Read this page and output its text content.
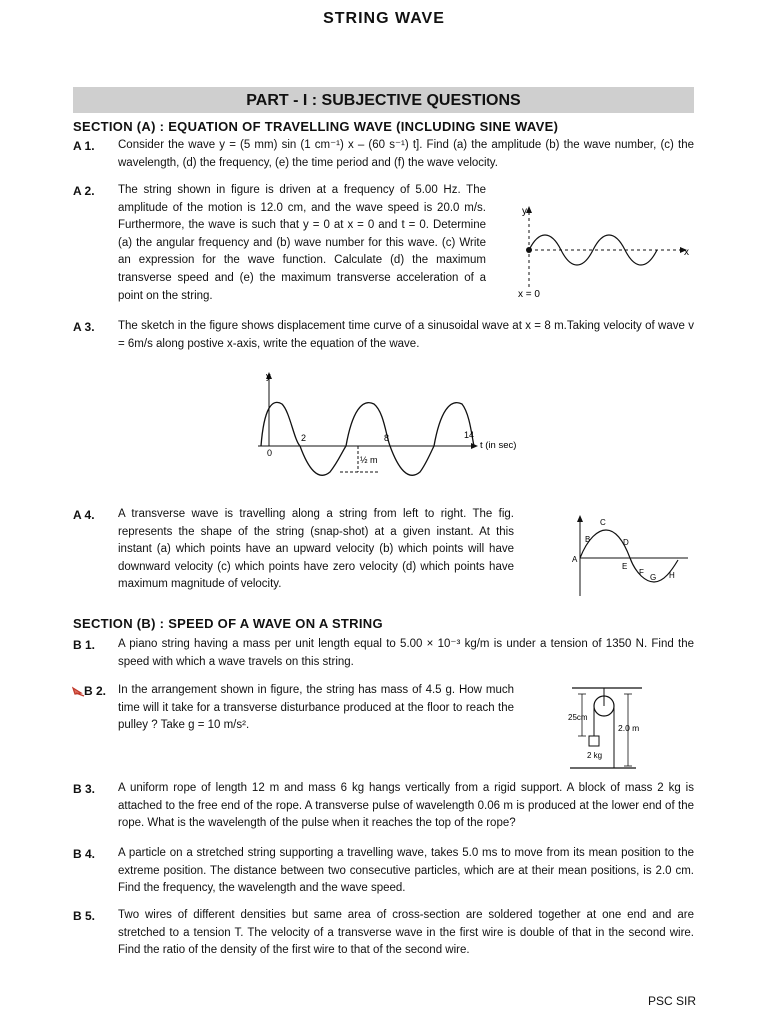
STRING WAVE
PART - I : SUBJECTIVE QUESTIONS
SECTION (A) : EQUATION OF TRAVELLING WAVE (INCLUDING SINE WAVE)
A 1. Consider the wave y = (5 mm) sin (1 cm⁻¹) x – (60 s⁻¹) t]. Find (a) the amplitude (b) the wave number, (c) the wavelength, (d) the frequency, (e) the time period and (f) the wave velocity.
A 2. The string shown in figure is driven at a frequency of 5.00 Hz. The amplitude of the motion is 12.0 cm, and the wave speed is 20.0 m/s. Furthermore, the wave is such that y = 0 at x = 0 and t = 0. Determine (a) the angular frequency and (b) wave number for this wave. (c) Write an expression for the wave function. Calculate (d) the maximum transverse speed and (e) the maximum transverse acceleration of a point on the string.
y
x
x = 0
A 3. The sketch in the figure shows displacement time curve of a sinusoidal wave at x = 8 m.Taking velocity of wave v = 6m/s along postive x-axis, write the equation of the wave.
y
0
2	8	14
t (in sec)
½ m
A 4. A transverse wave is travelling along a string from left to right. The fig. represents the shape of the string (snap-shot) at a given instant. At this instant (a) which points have an upward velocity (b) which points will have downward velocity (c) which points have zero velocity (d) which points have maximum magnitude of velocity.
A
B
C
D
E
F
G H
SECTION (B) : SPEED OF A WAVE ON A STRING
B 1. A piano string having a mass per unit length equal to 5.00 × 10⁻³ kg/m is under a tension of 1350 N. Find the speed with which a wave travels on this string.
B 2. In the arrangement shown in figure, the string has mass of 4.5 g. How much time will it take for a transverse disturbance produced at the floor to reach the pulley ? Take g = 10 m/s².
25cm
2.0 m
2 kg
B 3. A uniform rope of length 12 m and mass 6 kg hangs vertically from a rigid support. A block of mass 2 kg is attached to the free end of the rope. A transverse pulse of wavelength 0.06 m is produced at the lower end of the rope. What is the wavelength of the pulse when it reaches the top of the rope?
B 4. A particle on a stretched string supporting a travelling wave, takes 5.0 ms to move from its mean position to the extreme position. The distance between two consecutive particles, which are at their mean positions, is 2.0 cm. Find the frequency, the wavelength and the wave speed.
B 5. Two wires of different densities but same area of cross-section are soldered together at one end and are stretched to a tension T. The velocity of a transverse wave in the first wire is double of that in the second wire. Find the ratio of the density of the first wire to that of the second wire.
PSC SIR
